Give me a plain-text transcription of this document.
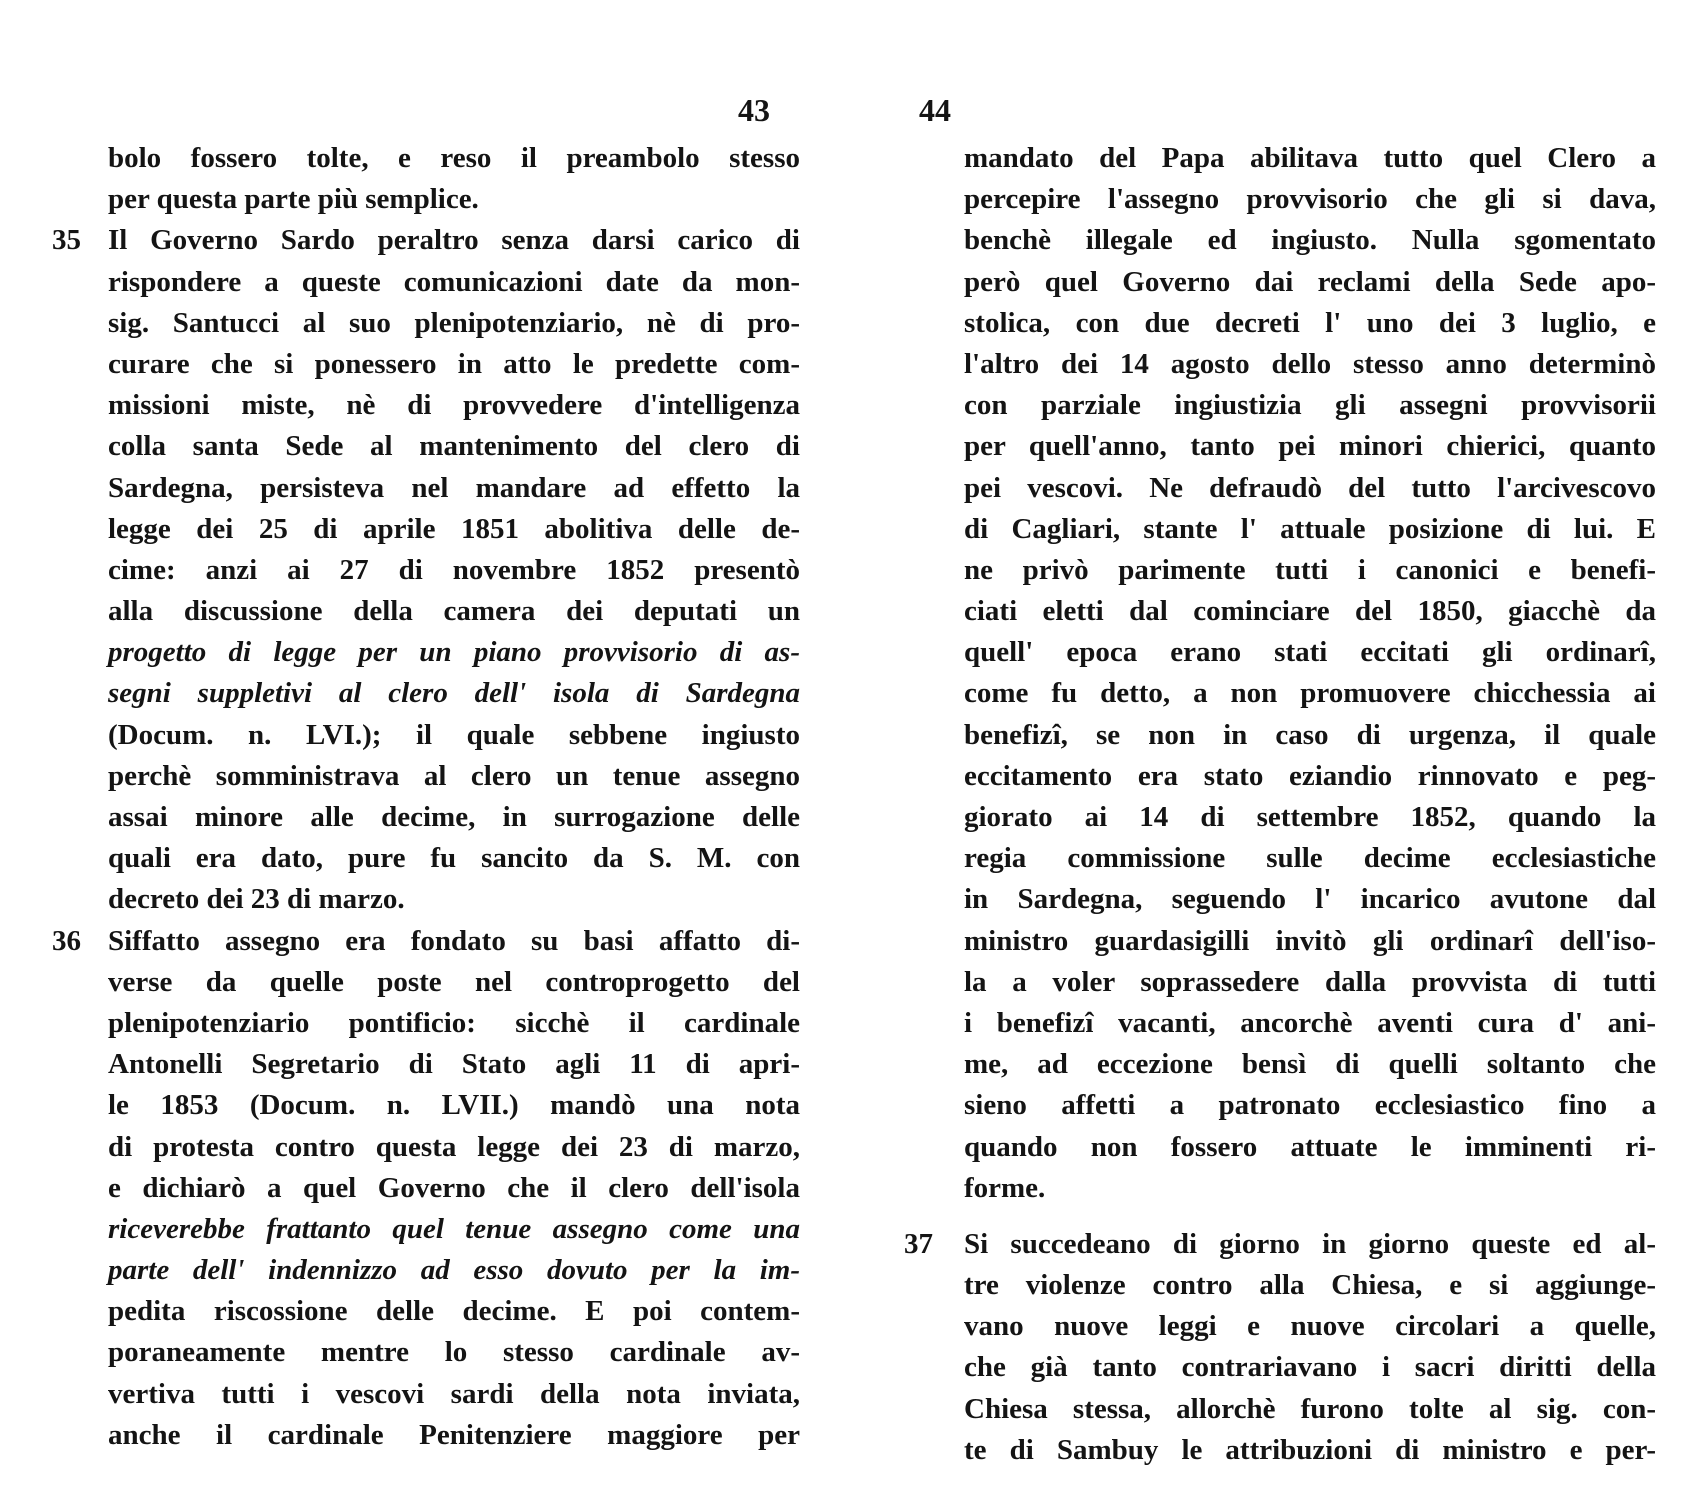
43
bolo fossero tolte, e reso il preambolo stesso
per questa parte più semplice.
35 Il Governo Sardo peraltro senza darsi carico di
rispondere a queste comunicazioni date da mon-
sig. Santucci al suo plenipotenziario, nè di pro-
curare che si ponessero in atto le predette com-
missioni miste, nè di provvedere d'intelligenza
colla santa Sede al mantenimento del clero di
Sardegna, persisteva nel mandare ad effetto la
legge dei 25 di aprile 1851 abolitiva delle de-
cime: anzi ai 27 di novembre 1852 presentò
alla discussione della camera dei deputati un
progetto di legge per un piano provvisorio di as-
segni suppletivi al clero dell' isola di Sardegna
(Docum. n. LVI.); il quale sebbene ingiusto
perchè somministrava al clero un tenue assegno
assai minore alle decime, in surrogazione delle
quali era dato, pure fu sancito da S. M. con
decreto dei 23 di marzo.
36 Siffatto assegno era fondato su basi affatto di-
verse da quelle poste nel controprogetto del
plenipotenziario pontificio: sicchè il cardinale
Antonelli Segretario di Stato agli 11 di apri-
le 1853 (Docum. n. LVII.) mandò una nota
di protesta contro questa legge dei 23 di marzo,
e dichiarò a quel Governo che il clero dell'isola
riceverebbe frattanto quel tenue assegno come una
parte dell' indennizzo ad esso dovuto per la im-
pedita riscossione delle decime. E poi contem-
poraneamente mentre lo stesso cardinale av-
vertiva tutti i vescovi sardi della nota inviata,
anche il cardinale Penitenziere maggiore per
44
mandato del Papa abilitava tutto quel Clero a
percepire l'assegno provvisorio che gli si dava,
benchè illegale ed ingiusto. Nulla sgomentato
però quel Governo dai reclami della Sede apo-
stolica, con due decreti l' uno dei 3 luglio, e
l'altro dei 14 agosto dello stesso anno determinò
con parziale ingiustizia gli assegni provvisorii
per quell'anno, tanto pei minori chierici, quanto
pei vescovi. Ne defraudò del tutto l'arcivescovo
di Cagliari, stante l' attuale posizione di lui. E
ne privò parimente tutti i canonici e benefi-
ciati eletti dal cominciare del 1850, giacchè da
quell' epoca erano stati eccitati gli ordinarî,
come fu detto, a non promuovere chicchessia ai
benefizî, se non in caso di urgenza, il quale
eccitamento era stato eziandio rinnovato e peg-
giorato ai 14 di settembre 1852, quando la
regia commissione sulle decime ecclesiastiche
in Sardegna, seguendo l' incarico avutone dal
ministro guardasigilli invitò gli ordinarî dell'iso-
la a voler soprassedere dalla provvista di tutti
i benefizî vacanti, ancorchè aventi cura d' ani-
me, ad eccezione bensì di quelli soltanto che
sieno affetti a patronato ecclesiastico fino a
quando non fossero attuate le imminenti ri-
forme.
37 Si succedeano di giorno in giorno queste ed al-
tre violenze contro alla Chiesa, e si aggiunge-
vano nuove leggi e nuove circolari a quelle,
che già tanto contrariavano i sacri diritti della
Chiesa stessa, allorchè furono tolte al sig. con-
te di Sambuy le attribuzioni di ministro e per-
